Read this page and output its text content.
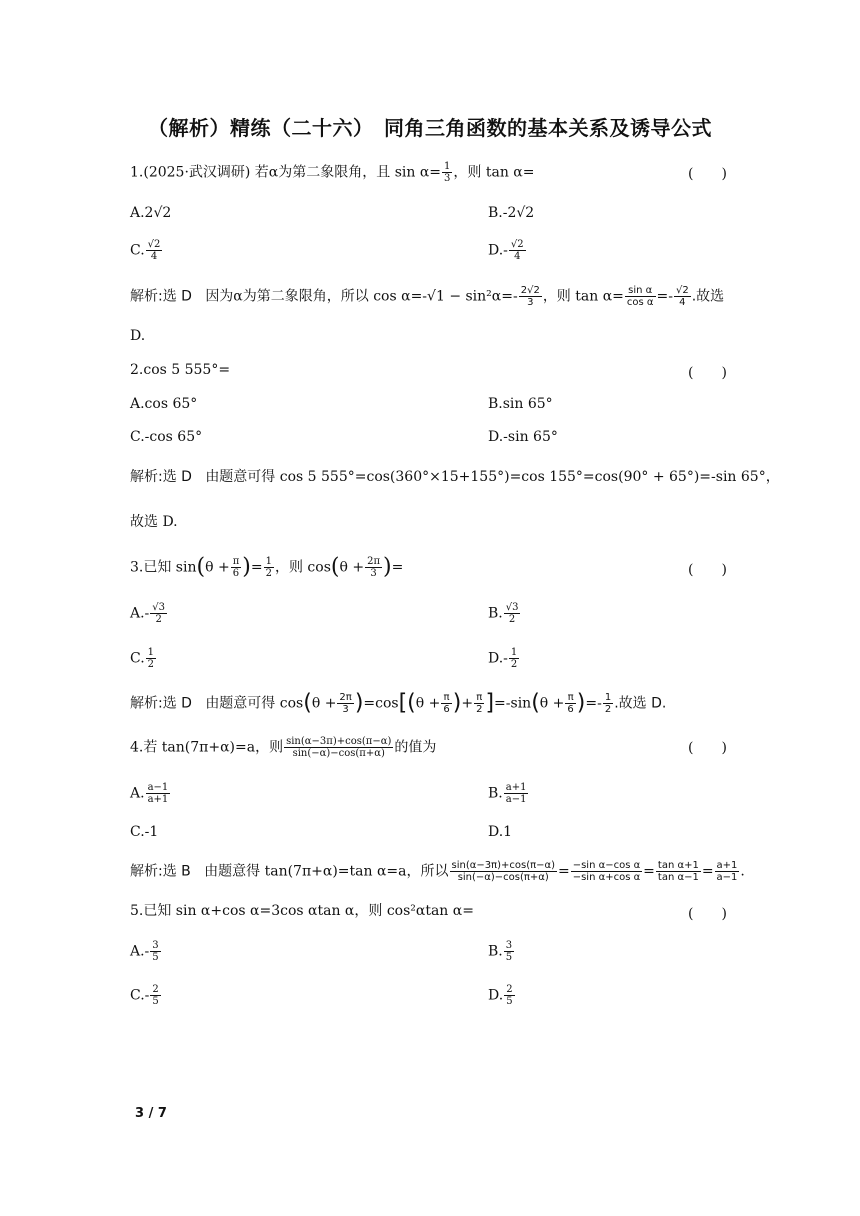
（解析）精练（二十六）　同角三角函数的基本关系及诱导公式
1.(2025·武汉调研) 若α为第二象限角，且 $\sin \alpha= \frac{1}{3}$ ，则 tan α=	(　　)
A.2√2	B.-2√2
C. $\frac{√2}{4}$	$D.- \frac{√2}{4}$
解析:选 D 因为α为第二象限角，所以 $\cos \alpha=-√1 - \sin^2\alpha=- \frac{2√2}{3}$ ，则 $\tan \alpha= \frac{\text{sin α}}{\text{cos α}} =- \frac{√2}{4}$ .故选
D.
2.cos 5 555°=	(　　)
A.cos 65°	B.sin 65°
C.-cos 65°	D.-sin 65°
解析:选 D 由题意可得 cos 5 555°=cos(360°×15+155°)=cos 155°=cos(90° + 65°)=-sin 65°，
故选 D.
3.已知 $\sin(\theta + \frac{\pi}{6}$ )= $\frac{1}{2}$ ，则 $\cos(\theta + \frac{2\pi}{3}$ )=	(　　)
$A.- \frac{√3}{2}$	B. $\frac{√3}{2}$
C. $\frac{1}{2}$	$D.- \frac{1}{2}$
解析:选 D 由题意可得 $\cos(\theta + \frac{2\pi}{3} )=\cos[(\theta + \frac{\pi}{6}$ )+ $\frac{\pi}{2} ]=-\sin(\theta + \frac{\pi}{6}$ )=- $\frac{1}{2}$ .故选 D.
4.若 tan(7π+α)=a，则 $\frac{\sin(\alpha-3\pi)+\cos(\pi-\alpha)}{\sin(-\alpha)-\cos(\pi+\alpha)}$ 的值为	(　　)
A. $\frac{a-1}{a+1}$	B. $\frac{a+1}{a-1}$
C.-1	D.1
解析:选 B 由题意得 tan(7π+α)=tan α=a，所以 $\frac{\sin(\alpha-3\pi)+\cos(\pi-\alpha)}{\sin(-\alpha)-\cos(\pi+\alpha)} = \frac{\text{−sin α−cos α}}{\text{−sin α+cos α}} = \frac{\text{tan α+1}}{\text{tan α−1}} = \frac{a+1}{a-1}$ .
5.已知 sin α+cos α=3cos αtan α，则 cos²αtan α=	(　　)
$A.- \frac{3}{5}$	B. $\frac{3}{5}$
$C.- \frac{2}{5}$	D. $\frac{2}{5}$
3 / 7
